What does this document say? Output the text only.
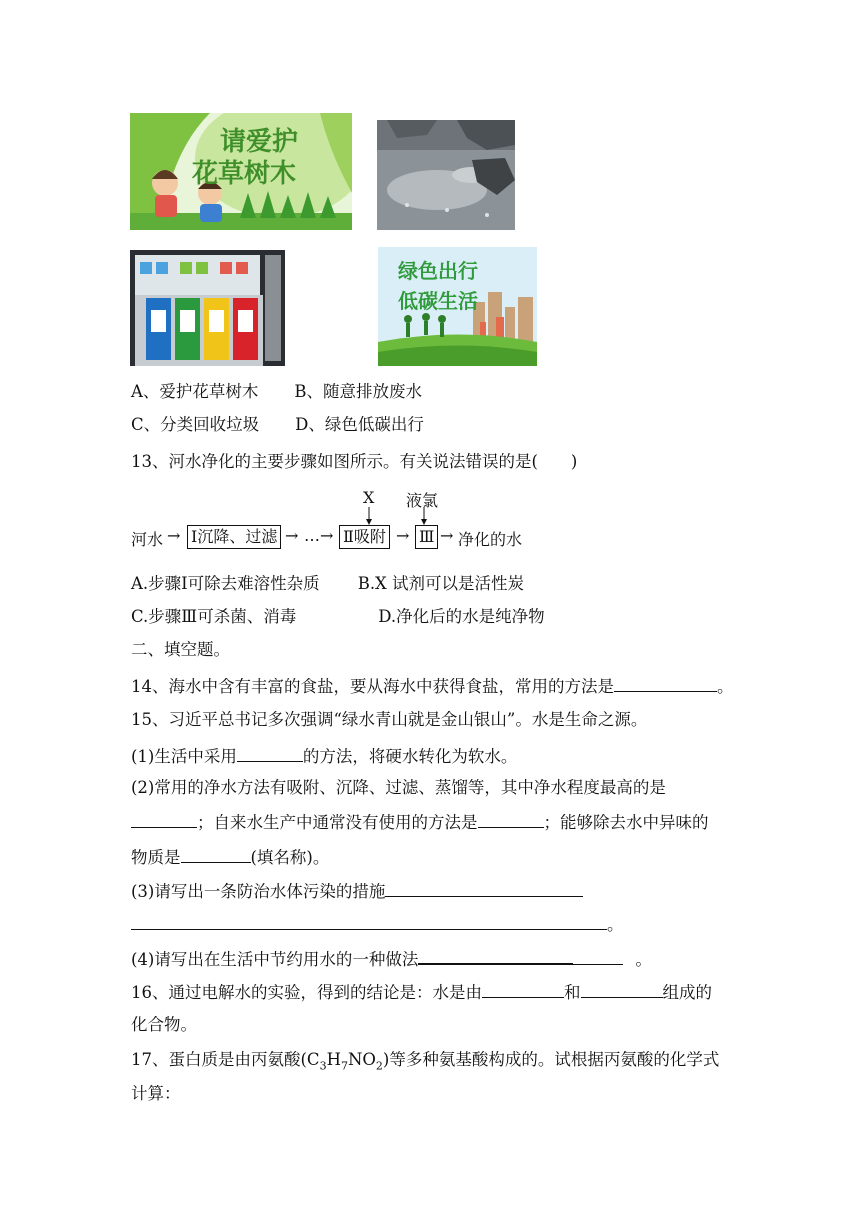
请爱护
花草树木
绿色出行
低碳生活
A、爱护花草树木 B、随意排放废水
C、分类回收垃圾 D、绿色低碳出行
13、河水净化的主要步骤如图所示。有关说法错误的是(　　)
河水 → Ⅰ沉降、过滤 → … → Ⅱ吸附 → Ⅲ → 净化的水
X 液氯
A.步骤Ⅰ可除去难溶性杂质 B.X 试剂可以是活性炭
C.步骤Ⅲ可杀菌、消毒	D.净化后的水是纯净物
二、填空题。
14、海水中含有丰富的食盐，要从海水中获得食盐，常用的方法是	。
15、习近平总书记多次强调“绿水青山就是金山银山”。水是生命之源。
(1)生活中采用	的方法，将硬水转化为软水。
(2)常用的净水方法有吸附、沉降、过滤、蒸馏等，其中净水程度最高的是
；自来水生产中通常没有使用的方法是	；能够除去水中异味的
物质是	(填名称)。
(3)请写出一条防治水体污染的措施
。
(4)请写出在生活中节约用水的一种做法	。
16、通过电解水的实验，得到的结论是：水是由	和	组成的
化合物。
17、蛋白质是由丙氨酸$(C_3H_7NO_2)$等多种氨基酸构成的。试根据丙氨酸的化学式
计算：
